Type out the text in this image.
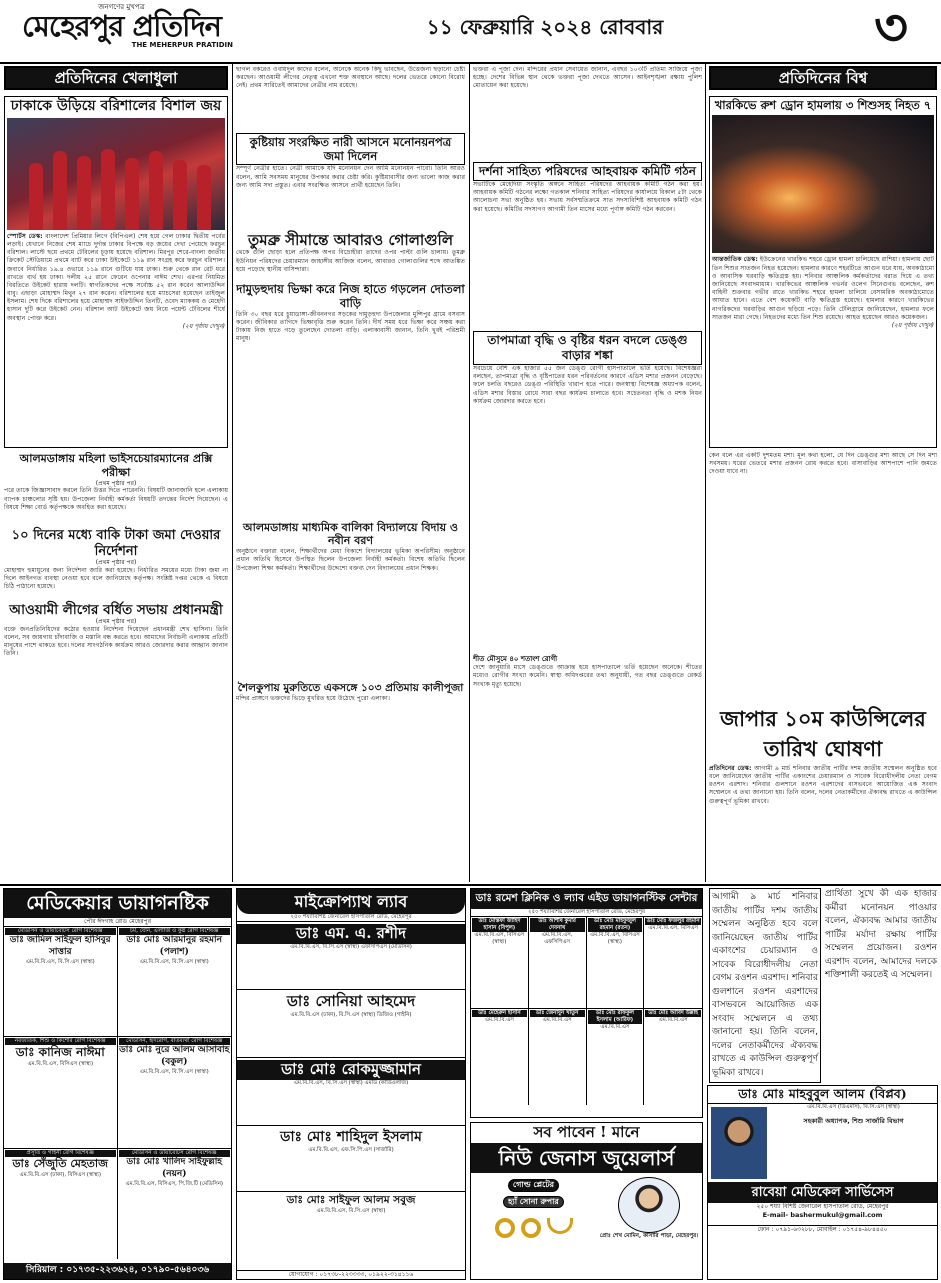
জনগণের মুখপত্র
মেহেরপুর প্রতিদিন
THE MEHERPUR PRATIDIN
১১ ফেব্রুয়ারি ২০২৪ রোববার	৩
প্রতিদিনের খেলাধুলা
ঢাকাকে উড়িয়ে বরিশালের বিশাল জয়

স্পোর্টস ডেস্ক: বাংলাদেশ প্রিমিয়ার লিগে (বিপিএল) শেষ হয়ে গেল ঢাকার দ্বিতীয় পর্বের লড়াই। যেখানে নিজের শেষ ম্যাচে দুর্দান্ত ঢাকার বিপক্ষে বড় জয়ের দেখা পেয়েছে ফরচুন বরিশাল। লাস্টে ছয়ে প্রথমে টেবিলের চূড়ায় হয়েছে বরিশাল। মিরপুর শেরে-বাংলা জাতীয় ক্রিকেট স্টেডিয়ামে প্রথমে ব্যাট করে ঢাকা উইকেটে ১১৯ রান সংগ্রহ করে ফরচুন বরিশাল। জবাবে নির্ধারিত ১৯.৪ ওভারে ১১৯ রানে গুটিয়ে যায় ঢাকা। শুরু থেকে রান রেট ধরে রাখতে ব্যর্থ হয় ঢাকা। দলীয় ২৫ রানে ফেরেন ওপেনার নাঈম শেখ। এরপর নিয়মিত বিরতিতে উইকেট হারায় দলটি। স্বাগতিকদের পক্ষে সর্বোচ্চ ৫২ রান করেন আলাউদ্দিন বাবু। এছাড়া মোহাম্মদ মিথুন ২৭ রান করেন। বরিশালের হয়ে ম্যাচসেরা হয়েছেন তাইজুল ইসলাম। শেষ দিকে বরিশালের হয়ে মোহাম্মদ সাইফউদ্দিন তিনটি, ওবেদ ম্যাককয় ও মেহেদী হাসান দুটি করে উইকেট নেন। বরিশাল আট উইকেটে জয় নিয়ে পয়েন্ট টেবিলের শীর্ষে অবস্থান পোক্ত করে।

(২য় পৃষ্ঠায় দেখুন)
আলমডাঙ্গায় মহিলা ভাইসচেয়ারম্যানের প্রক্সি পরীক্ষা
(প্রথম পৃষ্ঠার পর)

পরে তাকে জিজ্ঞাসাবাদ করলে তিনি উত্তর দিতে পারেননি। বিষয়টি জানাজানি হলে এলাকায় ব্যাপক চাঞ্চল্যের সৃষ্টি হয়। উপজেলা নির্বাহী কর্মকর্তা বিষয়টি তদন্তের নির্দেশ দিয়েছেন। এ বিষয়ে শিক্ষা বোর্ড কর্তৃপক্ষকে অবহিত করা হয়েছে।

১০ দিনের মধ্যে বাকি টাকা জমা দেওয়ার নির্দেশনা
(প্রথম পৃষ্ঠার পর)

মোহাম্মদ হুমায়ুনের জন্য নির্দেশনা জারি করা হয়েছে। নির্ধারিত সময়ের মধ্যে টাকা জমা না দিলে আইনগত ব্যবস্থা নেওয়া হবে বলে জানিয়েছে কর্তৃপক্ষ। সংশ্লিষ্ট দপ্তর থেকে এ বিষয়ে চিঠি পাঠানো হয়েছে।

আওয়ামী লীগের বর্ধিত সভায় প্রধানমন্ত্রী
(প্রথম পৃষ্ঠার পর)

বক্তে জনপ্রতিনিধিদের কঠোর হওয়ার নির্দেশনা দিয়েছেন প্রধানমন্ত্রী শেখ হাসিনা। তিনি বলেন, সব জায়গায় চাঁদাবাজি ও মস্তানি বন্ধ করতে হবে। আমাদের নির্বাচনী এলাকায় প্রতিটি মানুষের পাশে থাকতে হবে। দলের সাংগঠনিক কার্যক্রম আরও জোরদার করার আহ্বান জানান তিনি।

ছাগল বকরেও ওবায়দুল কাদের বলেন, অনেকে অনেক কিছু ভাবছেন, উত্তেজনা ছড়ানো চেষ্টা করছেন। আওয়ামী লীগের নেতৃত্ব এখনো শক্ত অবস্থানে আছে। দলের ভেতরে কোনো বিরোধ নেই। প্রথম সারিতেই আমাদের নেত্রীর নাম রয়েছে।

কুষ্টিয়ায় সংরক্ষিত নারী আসনে মনোনয়নপত্র জমা দিলেন

সম্পূর্ণ নেত্রীর হাতে। নেত্রী আমাকে যদি মনোনয়ন দেন আমি মনোনয়ন পাবো। তিনি আরও বলেন, আমি সবসময় মানুষের উপকার করার চেষ্টা করি। কুষ্টিয়াবাসীর জন্য ভালো কাজ করার জন্য আমি সদা প্রস্তুত। এবার সংরক্ষিত আসনে প্রার্থী হয়েছেন তিনি।

তুমব্রু সীমান্তে আবারও গোলাগুলি

থেকে গুলি ছোড়া হলে প্রতিপক্ষ অপর বিদ্রোহীরা তাদের ওপর পাল্টা গুলি চালায়। তুমব্রু ইউনিয়ন পরিষদের চেয়ারম্যান জাহাঙ্গীর আজিজ বলেন, আবারও গোলাগুলির শব্দে আতঙ্কিত হয়ে পড়েছে স্থানীয় বাসিন্দারা।

দামুড়হুদায় ভিক্ষা করে নিজ হাতে গড়লেন দোতলা বাড়ি

তিনি ৩০ বছর ধরে চুয়াডাঙ্গা-জীবননগর সড়কের দামুড়হুদা উপজেলার মুন্সিপুর গ্রামে বসবাস করেন। জীবিকার তাগিদে ভিক্ষাবৃত্তি শুরু করেন তিনি। দীর্ঘ সময় ধরে ভিক্ষা করে সঞ্চয় করা টাকায় নিজ হাতে গড়ে তুলেছেন দোতলা বাড়ি। এলাকাবাসী জানান, তিনি খুবই পরিশ্রমী মানুষ।

আলমডাঙ্গায় মাধ্যমিক বালিকা বিদ্যালয়ে বিদায় ও নবীন বরণ

অনুষ্ঠানে বক্তারা বলেন, শিক্ষার্থীদের মেধা বিকাশে বিদ্যালয়ের ভূমিকা অপরিসীম। অনুষ্ঠানে প্রধান অতিথি হিসেবে উপস্থিত ছিলেন উপজেলা নির্বাহী কর্মকর্তা। বিশেষ অতিথি ছিলেন উপজেলা শিক্ষা কর্মকর্তা। শিক্ষার্থীদের উদ্দেশ্যে বক্তব্য দেন বিদ্যালয়ের প্রধান শিক্ষক।

শৈলকুপায় মুরুতিতে একসঙ্গে ১০৩ প্রতিমায় কালীপূজা

মন্দির প্রাঙ্গণে ভক্তদের ভিড়ে মুখরিত হয়ে উঠেছে পুরো এলাকা।

ভক্তরা এ পূজা দেন। মন্দিরের প্রধান সেবায়েত জানান, এবছর ১০৩টি প্রতিমা সাজিয়ে পূজা হচ্ছে। দেশের বিভিন্ন স্থান থেকে ভক্তরা পূজা দেখতে আসেন। আইনশৃঙ্খলা রক্ষায় পুলিশ মোতায়েন করা হয়েছে।

দর্শনা সাহিত্য পরিষদের আহবায়ক কমিটি গঠন

সভাটিকে মেহেদিয়া সংস্কৃতি অঙ্গনে সাহিত্য পরিষদের আহবায়ক কমিটি গঠন করা হয়। আহবায়ক কমিটি গঠনের লক্ষ্যে গতকাল শনিবার সাহিত্য পরিষদের কার্যালয়ে বিকাল ৫টা থেকে আলোচনা সভা অনুষ্ঠিত হয়। সভায় সর্বসম্মতিক্রমে সাত সদস্যবিশিষ্ট আহবায়ক কমিটি গঠন করা হয়েছে। কমিটির সদস্যগণ আগামী তিন মাসের মধ্যে পূর্ণাঙ্গ কমিটি গঠন করবেন।

তাপমাত্রা বৃদ্ধি ও বৃষ্টির ধরন বদলে ডেঙ্গু বাড়ার শঙ্কা

সবচেয়ে বেশি এক হাজার ৫৫ জন ডেঙ্গু রোগী হাসপাতালে ভর্তি হয়েছে। বিশেষজ্ঞরা বলছেন, তাপমাত্রা বৃদ্ধি ও বৃষ্টিপাতের ধরন পরিবর্তনের কারণে এডিস মশার প্রজনন বেড়েছে। ফলে চলতি বছরেও ডেঙ্গু পরিস্থিতি খারাপ হতে পারে। জনস্বাস্থ্য বিশেষজ্ঞ অধ্যাপক বলেন, এডিস মশার বিস্তার রোধে সারা বছর কার্যক্রম চালাতে হবে। সচেতনতা বৃদ্ধি ও মশক নিধন কার্যক্রম জোরদার করতে হবে।

শীত মৌসুমে ৪০ শতাংশ রোগী

দেশে জানুয়ারি মাসে ডেঙ্গুতে আক্রান্ত হয়ে হাসপাতালে ভর্তি হয়েছেন অনেকে। শীতের মধ্যেও রোগীর সংখ্যা কমেনি। স্বাস্থ্য অধিদপ্তরের তথ্য অনুযায়ী, গত বছর ডেঙ্গুতে রেকর্ড সংখ্যক মৃত্যু হয়েছে।

প্রতিদিনের বিশ্ব
খারকিভে রুশ ড্রোন হামলায় ৩ শিশুসহ নিহত ৭

আন্তর্জাতিক ডেস্ক: ইউক্রেনের খারকিভ শহরে ড্রোন হামলা চালিয়েছে রাশিয়া। হামলায় ছোট তিন শিশুর সাতজন নিহত হয়েছেন। হামলার কারণে শহরটিতে আগুন ধরে যায়, অবকাঠামো ও আবাসিক ঘরবাড়ি ক্ষতিগ্রস্ত হয়। শনিবার আঞ্চলিক কর্মকর্তাদের বরাত দিয়ে এ তথ্য জানিয়েছে সংবাদমাধ্যম। খারকিভের আঞ্চলিক গভর্নর ওলেগ সিনেগুবভ বলেছেন, রুশ বাহিনী শুক্রবার গভীর রাতে খারকিভ শহরে হামলা চালিয়ে বেসামরিক অবকাঠামোতে আঘাত হানে। এতে বেশ কয়েকটি বাড়ি ক্ষতিগ্রস্ত হয়েছে। হামলার কারণে খারকিভের নাগরিকদের ঘরবাড়ির আগুন ছড়িয়ে পড়ে। তিনি টেলিগ্রামে জানিয়েছেন, হামলার ফলে সাতজন মারা গেছে। নিহতদের মধ্যে তিন শিশু রয়েছে। আহত হয়েছেন আরও কয়েকজন।

(২য় পৃষ্ঠায় দেখুন)

কেন বলে এর একটি দুশমতম মশা। মূল কথা হলো, যে দিন ডেঙ্গুর মশা আছে সে দিন মশা সবসময়। ঘরের ভেতরে মশার প্রজনন রোধ করতে হবে। বাসাবাড়ির আশপাশে পানি জমতে দেওয়া যাবে না।

জাপার ১০ম কাউন্সিলের তারিখ ঘোষণা

প্রতিদিনের ডেস্ক: আগামী ৯ মার্চ শনিবার জাতীয় পার্টির দশম জাতীয় সম্মেলন অনুষ্ঠিত হবে বলে জানিয়েছেন জাতীয় পার্টির একাংশের চেয়ারম্যান ও সাবেক বিরোধীদলীয় নেতা বেগম রওশন এরশাদ। শনিবার গুলশানে রওশন এরশাদের বাসভবনে আয়োজিত এক সংবাদ সম্মেলনে এ তথ্য জানানো হয়। তিনি বলেন, দলের নেতাকর্মীদের ঐক্যবদ্ধ রাখতে এ কাউন্সিল গুরুত্বপূর্ণ ভূমিকা রাখবে।

মেডিকেয়ার ডায়াগনষ্টিক
পৌর ঈদগাহ রোড মেহেরপুর
মেডিসিন ও ডায়াবেটিস রোগ বিশেষজ্ঞ
ডাঃ জামিল সাইফুল হাসিবুর সাত্তার
এম.বি.বি.এস, বি.সি.এস (স্বাস্থ্য)
চর্ম, যৌন, এলার্জি ও কুষ্ঠ রোগ বিশেষজ্ঞ
ডাঃ মোঃ আরমানুর রহমান (পলাশ)
এম.বি.বি.এস, বি.সি.এস (স্বাস্থ্য)
নবজাতক, শিশু ও কিশোর রোগ বিশেষজ্ঞ
ডাঃ কানিজ নাঈমা
এম.বি.বি.এস, বিসিএস (স্বাস্থ্য)
মেডিসিন, হৃদরোগ, বাতব্যথা রোগ বিশেষজ্ঞ
ডাঃ মোঃ নুরে আলম আসাবাহ (বকুল)
এম.বি.বি.এস, বি.সি.এস (স্বাস্থ্য)
প্রসূতি ও গাইনী রোগ বিশেষজ্ঞ
ডাঃ সেঁজুতি মেহতাজ
এম.বি.বি.এস (ঢাকা), বিসিএস (স্বাস্থ্য)
মেডিসিন ও ডায়াবেটিস রোগ বিশেষজ্ঞ
ডাঃ মোঃ খালিদ সাইফুল্লাহ (নয়ন)
এম.বি.বি.এস, বিসিএস, পি.জি.টি (মেডিসিন)
সিরিয়াল : ০১৭৩৫-২২৩৬২৪, ০১৭৯০-৫৬৪০৩৬
মাইক্রোপ্যাথ ল্যাব
২৫০ শয্যাবিশিষ্ট জেনারেল হাসপাতাল রোড, মেহেরপুর
ডাঃ এম. এ. রশীদ
এম.বি.বি.এস, বি.সি.এস (স্বাস্থ্য) এফসিপিএস (মেডিসিন)
ডাঃ সোনিয়া আহমেদ
এম.বি.বি.এস (ঢাকা), বি.সি.এস (স্বাস্থ্য) ডিজিও (গাইনি)
ডাঃ মোঃ রোকমুজ্জামান
এম.বি.বি.এস, বি.সি.এস (স্বাস্থ্য) এমডি (কার্ডিওলজি)
ডাঃ মোঃ শাহিদুল ইসলাম
এম.বি.বি.এস, এফ.সি.পি.এস (সার্জারি)
ডাঃ মোঃ সাইফুল আলম সবুজ
এম.বি.বি.এস, বি.সি.এস (স্বাস্থ্য)
যোগাযোগ : ০১৭৩৮-২২৩৩৩৩, ০১৯২২-৩১৪১১৬
ডাঃ রমেশ ক্লিনিক ও ল্যাব এইড ডায়াগনস্টিক সেন্টার
২৫০ শয্যাবিশিষ্ট জেনারেল হাসপাতাল রোড, মেহেরপুর
ডাঃ মোস্তফা জাহিদ হাসান (বিপুল)
এম.বি.বি.এস, বিসিএস (স্বাস্থ্য)
ডাঃ আশীষ কুমার দেবনাথ
এম.বি.বি.এস, এফসিপিএস
ডাঃ মোঃ মাহফুজুল রহমান (রতন)
এম.বি.বি.এস, বিসিএস (স্বাস্থ্য)
ডাঃ মোঃ ফজলুর রহমান
এম.বি.বি.এস, বিসিএস
ডাঃ মেহেরুন হাসান
এম.বি.বি.এস
ডাঃ জেনাবুন খাতুন
এম.বি.বি.এস
ডাঃ মোঃ রফিকুল ইসলাম (আরিফ)
এম.বি.বি.এস
ডাঃ মোঃ আবিদ উল্লাহ
এম.বি.বি.এস

প্রার্থিতা সুখে কী এক হাজার কর্মীরা মনোনয়ন পাওয়ার বলেন, ঐক্যবদ্ধ আমার জাতীয় পার্টির মর্যাদা রক্ষায় পার্টির সম্মেলন প্রয়োজন। রওশন এরশাদ বলেন, আমাদের দলকে শক্তিশালী করতেই এ সম্মেলন।

আগামী ৯ মার্চ শনিবার জাতীয় পার্টির দশম জাতীয় সম্মেলন অনুষ্ঠিত হবে বলে জানিয়েছেন জাতীয় পার্টির একাংশের চেয়ারম্যান ও সাবেক বিরোধীদলীয় নেতা বেগম রওশন এরশাদ। শনিবার গুলশানে রওশন এরশাদের বাসভবনে আয়োজিত এক সংবাদ সম্মেলনে এ তথ্য জানানো হয়। তিনি বলেন, দলের নেতাকর্মীদের ঐক্যবদ্ধ রাখতে এ কাউন্সিল গুরুত্বপূর্ণ ভূমিকা রাখবে।

সব পাবেন ! মানে
নিউ জেনাস জুয়েলার্স
গোল্ড প্লেটের
হ্যাঁ সোনা রুপার
প্রোঃ শেখ মোমিন, কাসারি পাড়া, মেহেরপুর।
ডাঃ মোঃ মাহবুবুল আলম (বিপ্লব)
এম.বি.বি.এস (ডিএমসি), বি.সি.এস (স্বাস্থ্য)
সহকারী অধ্যাপক, শিশু সার্জারি বিভাগ
রাবেয়া মেডিকেল সার্ভিসেস
২৫০ শয্যা বিশিষ্ট জেনারেল হাসপাতাল রোড, মেহেরপুর
E-mail- bashermukul@gmail.com
ফোন : ০৭৯১-৬৩২৮৮, মোবাইল : ০১৭৫৪-৯৮৪৪৫০
